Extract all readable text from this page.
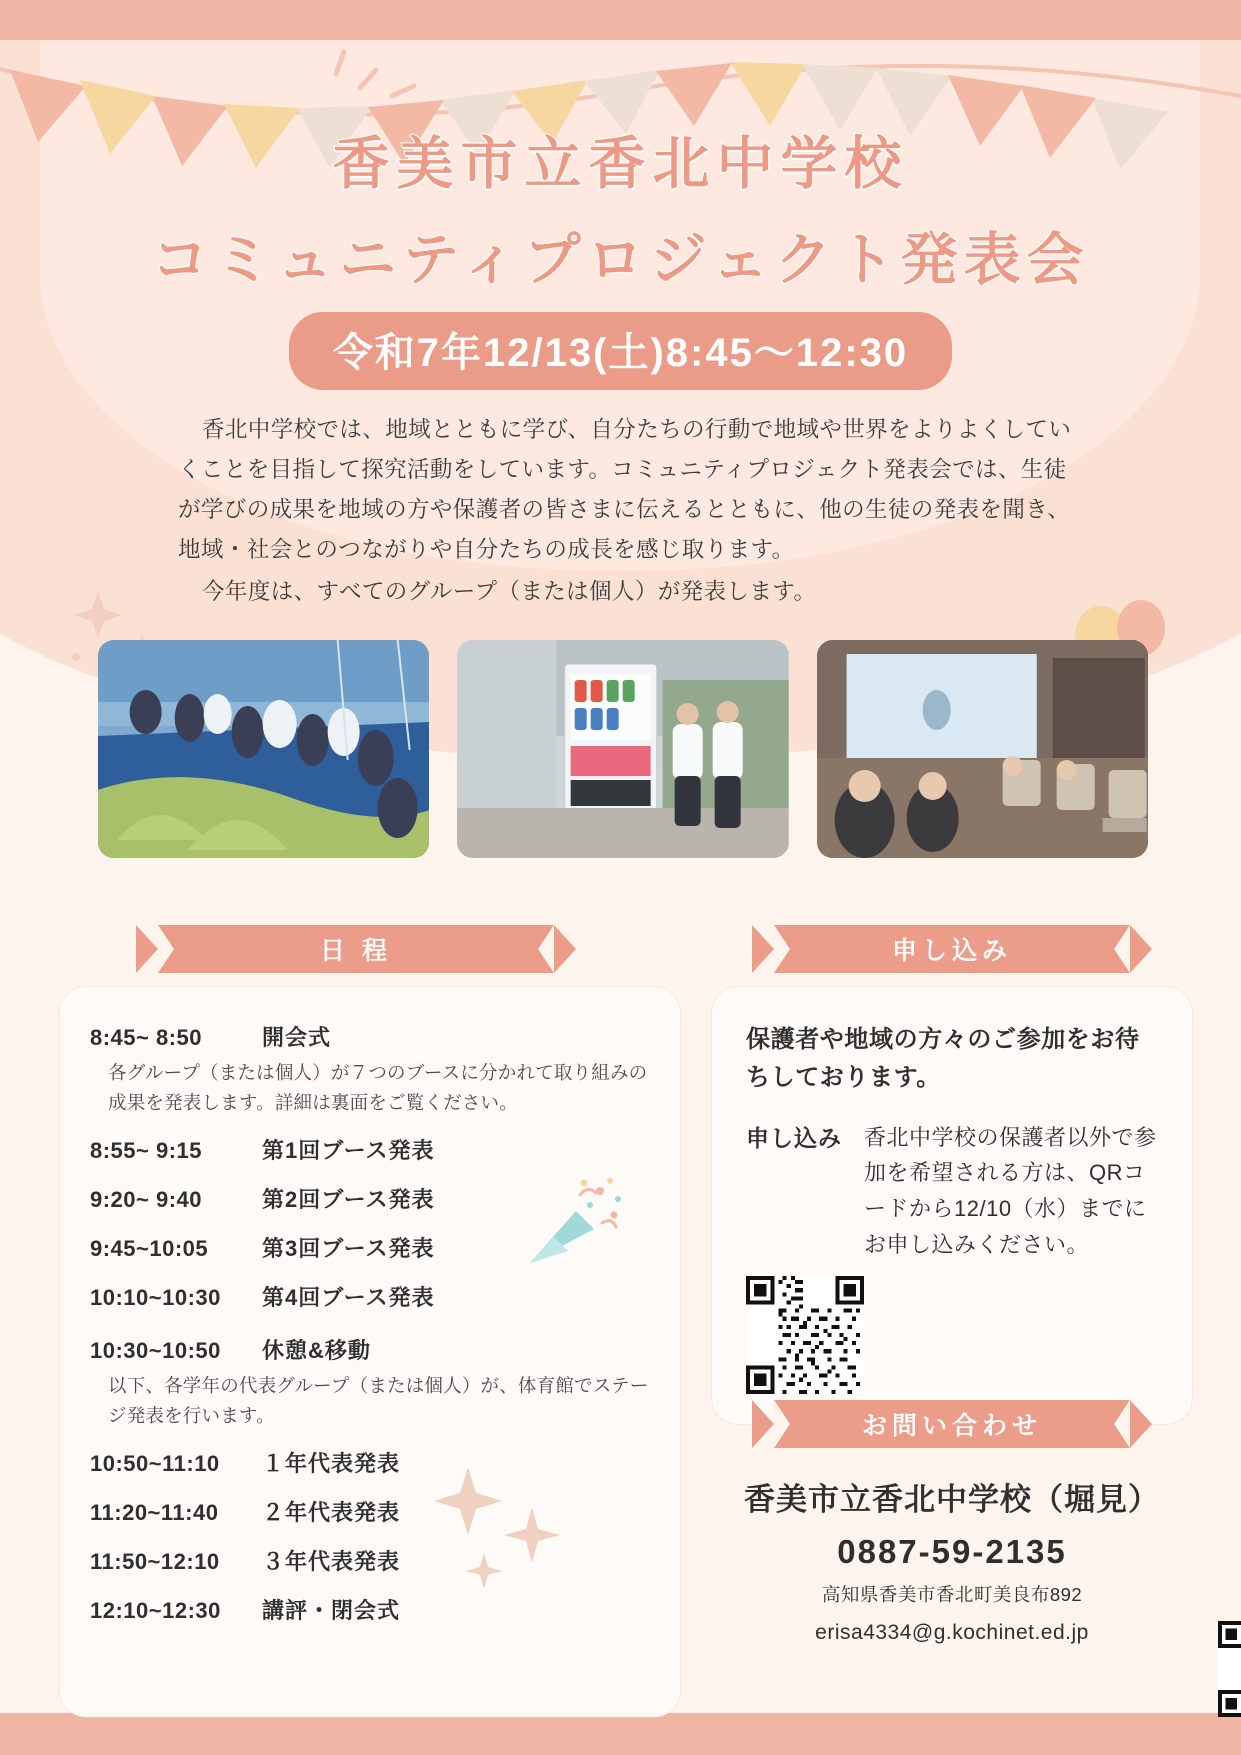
香美市立香北中学校
コミュニティプロジェクト発表会
令和7年12/13(土)8:45〜12:30

香北中学校では、地域とともに学び、自分たちの行動で地域や世界をよりよくしていくことを目指して探究活動をしています。コミュニティプロジェクト発表会では、生徒が学びの成果を地域の方や保護者の皆さまに伝えるとともに、他の生徒の発表を聞き、地域・社会とのつながりや自分たちの成長を感じ取ります。

今年度は、すべてのグループ（または個人）が発表します。

日 程
8:45~ 8:50	開会式
各グループ（または個人）が７つのブースに分かれて取り組みの成果を発表します。詳細は裏面をご覧ください。
8:55~ 9:15	第1回ブース発表
9:20~ 9:40	第2回ブース発表
9:45~10:05	第3回ブース発表
10:10~10:30	第4回ブース発表
10:30~10:50	休憩&移動
以下、各学年の代表グループ（または個人）が、体育館でステージ発表を行います。
10:50~11:10	１年代表発表
11:20~11:40	２年代表発表
11:50~12:10	３年代表発表
12:10~12:30	講評・閉会式
申し込み
保護者や地域の方々のご参加をお待ちしております。
申し込み	香北中学校の保護者以外で参加を希望される方は、QRコードから12/10（水）までにお申し込みください。
お問い合わせ
香美市立香北中学校（堀見）
0887-59-2135
高知県香美市香北町美良布892
erisa4334@g.kochinet.ed.jp
